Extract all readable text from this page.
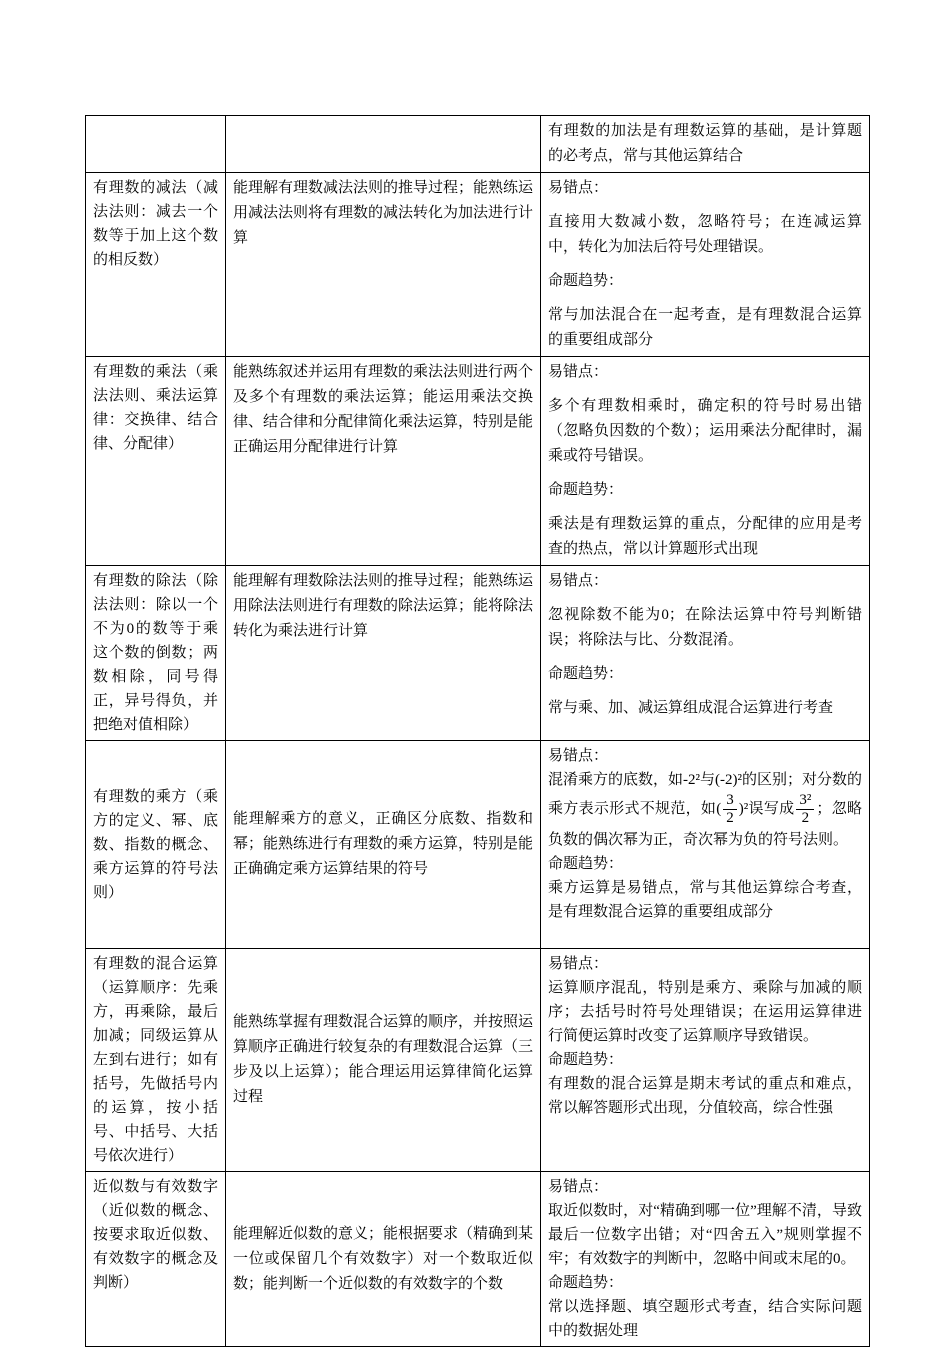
		有理数的加法是有理数运算的基础，是计算题的必考点，常与其他运算结合

有理数的减法（减法法则：减去一个数等于加上这个数的相反数）	能理解有理数减法法则的推导过程；能熟练运用减法法则将有理数的减法转化为加法进行计算	易错点：

直接用大数减小数，忽略符号；在连减运算中，转化为加法后符号处理错误。

命题趋势：

常与加法混合在一起考查，是有理数混合运算的重要组成部分

有理数的乘法（乘法法则、乘法运算律：交换律、结合律、分配律）	能熟练叙述并运用有理数的乘法法则进行两个及多个有理数的乘法运算；能运用乘法交换律、结合律和分配律简化乘法运算，特别是能正确运用分配律进行计算	易错点：

多个有理数相乘时，确定积的符号时易出错（忽略负因数的个数）；运用乘法分配律时，漏乘或符号错误。

命题趋势：

乘法是有理数运算的重点，分配律的应用是考查的热点，常以计算题形式出现

有理数的除法（除法法则：除以一个不为0的数等于乘这个数的倒数；两数相除，同号得正，异号得负，并把绝对值相除）	能理解有理数除法法则的推导过程；能熟练运用除法法则进行有理数的除法运算；能将除法转化为乘法进行计算	易错点：

忽视除数不能为0；在除法运算中符号判断错误；将除法与比、分数混淆。

命题趋势：

常与乘、加、减运算组成混合运算进行考查

有理数的乘方（乘方的定义、幂、底数、指数的概念、乘方运算的符号法则）	能理解乘方的意义，正确区分底数、指数和幂；能熟练进行有理数的乘方运算，特别是能正确确定乘方运算结果的符号	

易错点：

混淆乘方的底数，如-2²与(-2)²的区别；对分数的乘方表示形式不规范，如( $\frac{3}{2} )^2$误写成 $\frac{\text{3²}}{2}$ ；忽略负数的偶次幂为正，奇次幂为负的符号法则。

命题趋势：

乘方运算是易错点，常与其他运算综合考查，是有理数混合运算的重要组成部分

有理数的混合运算（运算顺序：先乘方，再乘除，最后加减；同级运算从左到右进行；如有括号，先做括号内的运算，按小括号、中括号、大括号依次进行）	能熟练掌握有理数混合运算的顺序，并按照运算顺序正确进行较复杂的有理数混合运算（三步及以上运算）；能合理运用运算律简化运算过程	易错点：

运算顺序混乱，特别是乘方、乘除与加减的顺序；去括号时符号处理错误；在运用运算律进行简便运算时改变了运算顺序导致错误。

命题趋势：

有理数的混合运算是期末考试的重点和难点，常以解答题形式出现，分值较高，综合性强

近似数与有效数字（近似数的概念、按要求取近似数、有效数字的概念及判断）	能理解近似数的意义；能根据要求（精确到某一位或保留几个有效数字）对一个数取近似数；能判断一个近似数的有效数字的个数	易错点：

取近似数时，对“精确到哪一位”理解不清，导致最后一位数字出错；对“四舍五入”规则掌握不牢；有效数字的判断中，忽略中间或末尾的0。

命题趋势：

常以选择题、填空题形式考查，结合实际问题中的数据处理
